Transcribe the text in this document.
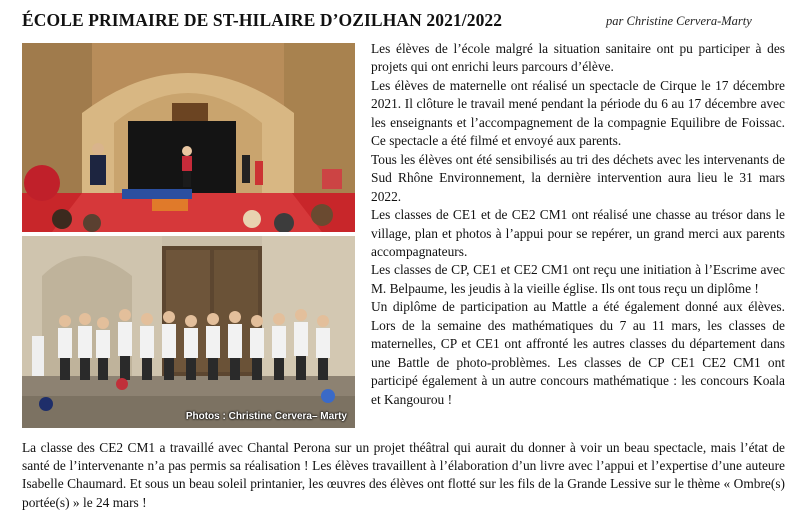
ÉCOLE PRIMAIRE DE ST-HILAIRE D’OZILHAN 2021/2022	par Christine Cervera-Marty
Photos : Christine Cervera– Marty

Les élèves de l’école malgré la situation sanitaire ont pu participer à des projets qui ont enrichi leurs parcours d’élève.

Les élèves de maternelle ont réalisé un spectacle de Cirque le 17 décembre 2021. Il clôture le travail mené pendant la période du 6 au 17 décembre avec les enseignants et l’accompagnement de la compagnie Equilibre de Foissac. Ce spectacle a été filmé et envoyé aux parents.

Tous les élèves ont été sensibilisés au tri des déchets avec les intervenants de Sud Rhône Environnement, la dernière intervention aura lieu le 31 mars 2022.

Les classes de CE1 et de CE2 CM1 ont réalisé une chasse au trésor dans le village, plan et photos à l’appui pour se repérer, un grand merci aux parents accompagnateurs.

Les classes de CP, CE1 et CE2 CM1 ont reçu une initiation à l’Escrime avec M. Belpaume, les jeudis à la vieille église. Ils ont tous reçu un diplôme !

Un diplôme de participation au Mattle a été également donné aux élèves. Lors de la semaine des mathématiques du 7 au 11 mars, les classes de maternelles, CP et CE1 ont affronté les autres classes du département dans une Battle de photo-problèmes. Les classes de CP CE1 CE2 CM1 ont participé également à un autre concours mathématique : les concours Koala et Kangourou !

La classe des CE2 CM1 a travaillé avec Chantal Perona sur un projet théâtral qui aurait du donner à voir un beau spectacle, mais l’état de santé de l’intervenante n’a pas permis sa réalisation ! Les élèves travaillent à l’élaboration d’un livre avec l’appui et l’expertise d’une auteure Isabelle Chaumard. Et sous un beau soleil printanier, les œuvres des élèves ont flotté sur les fils de la Grande Lessive sur le thème « Ombre(s) portée(s) » le 24 mars !
